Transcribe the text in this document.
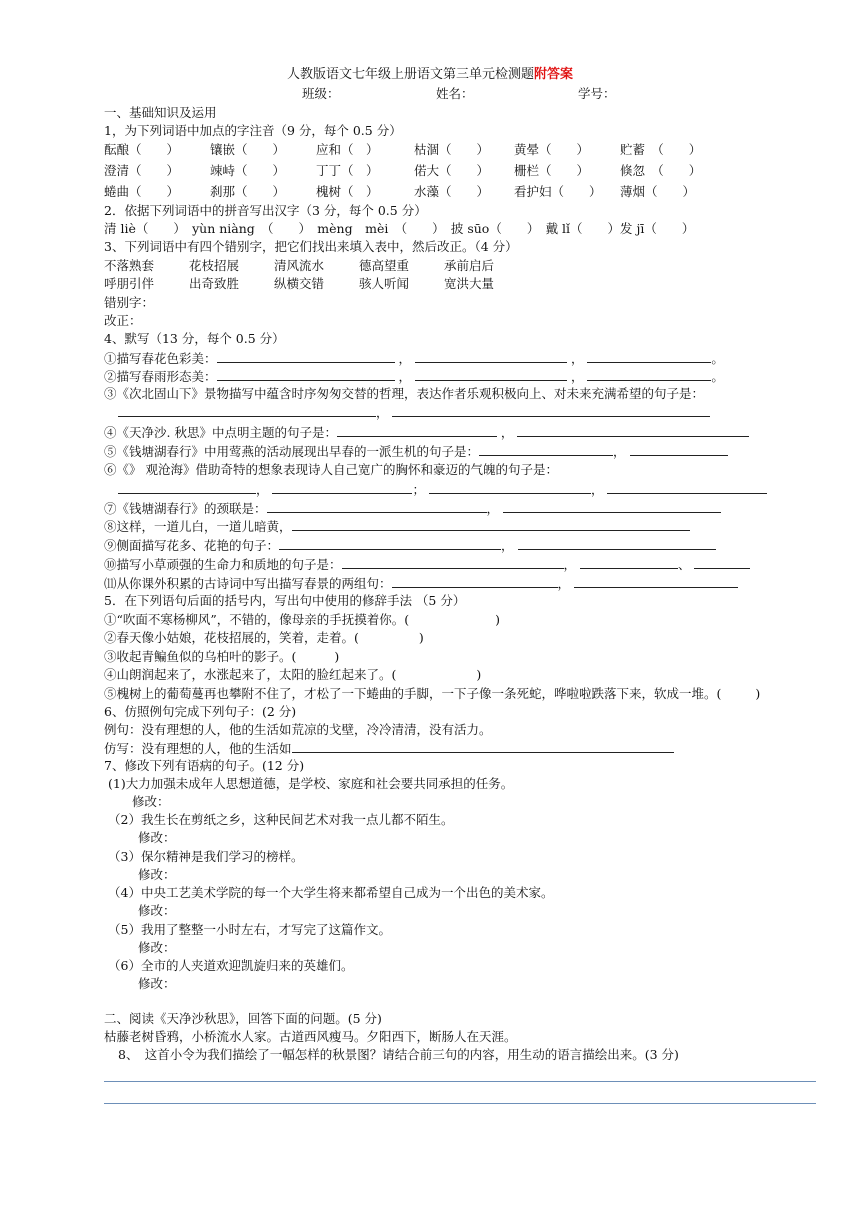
人教版语文七年级上册语文第三单元检测题附答案
班级：	姓名：	学号：
一、基础知识及运用
1，为下列词语中加点的字注音（9 分，每个 0.5 分）
酝酿（　　） 镶嵌（　　） 应和（　）	枯涸（　　） 黄晕（　　） 贮蓄　（　　）
澄清（　　） 竦峙（　　） 丁丁（　）	偌大（　　） 栅栏（　　） 倏忽　（　　）
蜷曲（　　） 刹那（　　） 槐树（　）	水藻（　　） 看护妇（　　） 薄烟（　　）
2．依据下列词语中的拼音写出汉字（3 分，每个 0.5 分）
清 liè（　　）　yùn niàng　（　　）　mèng　mèi　（　　）　披 sūo（　　）　戴 lǐ（　　）发 jī（　　）
3、下列词语中有四个错别字，把它们找出来填入表中，然后改正。（4 分）
不落熟套	花枝招展	清风流水	德高望重	承前启后
呼朋引伴	出奇致胜	纵横交错	骇人听闻	宽洪大量
错别字：
改正：
4、默写（13 分，每个 0.5 分）
①描写春花色彩美：	，	，	。
②描写春雨形态美：	，	，	。
③《次北固山下》景物描写中蕴含时序匆匆交替的哲理，表达作者乐观积极向上、对未来充满希望的句子是：
，
④《天净沙. 秋思》中点明主题的句子是：	，
⑤《钱塘湖春行》中用莺燕的活动展现出早春的一派生机的句子是：	，
⑥《》 观沧海》借助奇特的想象表现诗人自己宽广的胸怀和豪迈的气魄的句子是：
，	；	，
⑦《钱塘湖春行》的颈联是：	，
⑧这样，一道儿白，一道儿暗黄，
⑨侧面描写花多、花艳的句子：	，
⑩描写小草顽强的生命力和质地的句子是：	，	、
⑾从你课外积累的古诗词中写出描写春景的两组句：	，
5．在下列语句后面的括号内，写出句中使用的修辞手法 （5 分）
①“吹面不寒杨柳风”，不错的，像母亲的手抚摸着你。(	)
②春天像小姑娘，花枝招展的，笑着，走着。(	)
③收起青鳊鱼似的乌柏叶的影子。(	)
④山朗润起来了，水涨起来了，太阳的脸红起来了。(	)
⑤槐树上的葡萄蔓再也攀附不住了，才松了一下蜷曲的手脚，一下子像一条死蛇，哗啦啦跌落下来，软成一堆。(	)
6、仿照例句完成下列句子：(2 分)
例句：没有理想的人，他的生活如荒凉的戈壁，冷冷清清，没有活力。
仿写：没有理想的人，他的生活如
7、修改下列有语病的句子。(12 分)
(1)大力加强未成年人思想道德，是学校、家庭和社会要共同承担的任务。
修改：
（2）我生长在剪纸之乡，这种民间艺术对我一点儿都不陌生。
修改：
（3）保尔精神是我们学习的榜样。
修改：
（4）中央工艺美术学院的每一个大学生将来都希望自己成为一个出色的美术家。
修改：
（5）我用了整整一小时左右，才写完了这篇作文。
修改：
（6）全市的人夹道欢迎凯旋归来的英雄们。
修改：
二、阅读《天净沙秋思》，回答下面的问题。(5 分)
枯藤老树昏鸦，小桥流水人家。古道西风瘦马。夕阳西下，断肠人在天涯。
8、　这首小令为我们描绘了一幅怎样的秋景图？请结合前三句的内容，用生动的语言描绘出来。(3 分)
